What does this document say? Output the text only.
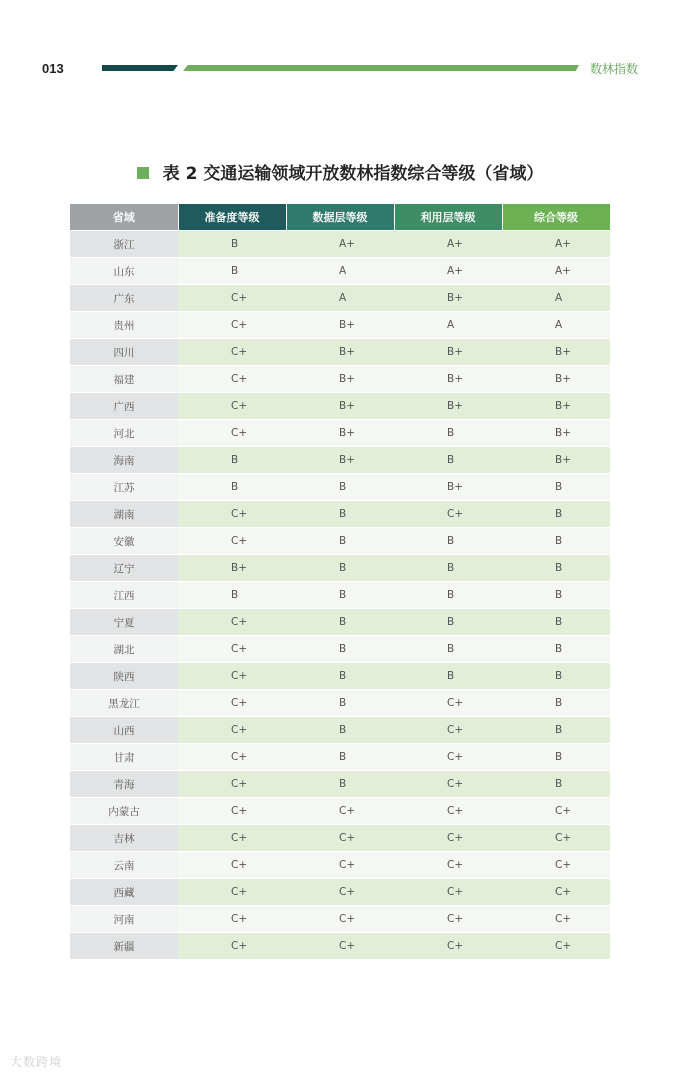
013	数林指数
表 2 交通运输领域开放数林指数综合等级（省域）
省域	准备度等级	数据层等级	利用层等级	综合等级
浙江	B	A+	A+	A+
山东	B	A	A+	A+
广东	C+	A	B+	A
贵州	C+	B+	A	A
四川	C+	B+	B+	B+
福建	C+	B+	B+	B+
广西	C+	B+	B+	B+
河北	C+	B+	B	B+
海南	B	B+	B	B+
江苏	B	B	B+	B
湖南	C+	B	C+	B
安徽	C+	B	B	B
辽宁	B+	B	B	B
江西	B	B	B	B
宁夏	C+	B	B	B
湖北	C+	B	B	B
陕西	C+	B	B	B
黑龙江	C+	B	C+	B
山西	C+	B	C+	B
甘肃	C+	B	C+	B
青海	C+	B	C+	B
内蒙古	C+	C+	C+	C+
吉林	C+	C+	C+	C+
云南	C+	C+	C+	C+
西藏	C+	C+	C+	C+
河南	C+	C+	C+	C+
新疆	C+	C+	C+	C+
大数跨境
